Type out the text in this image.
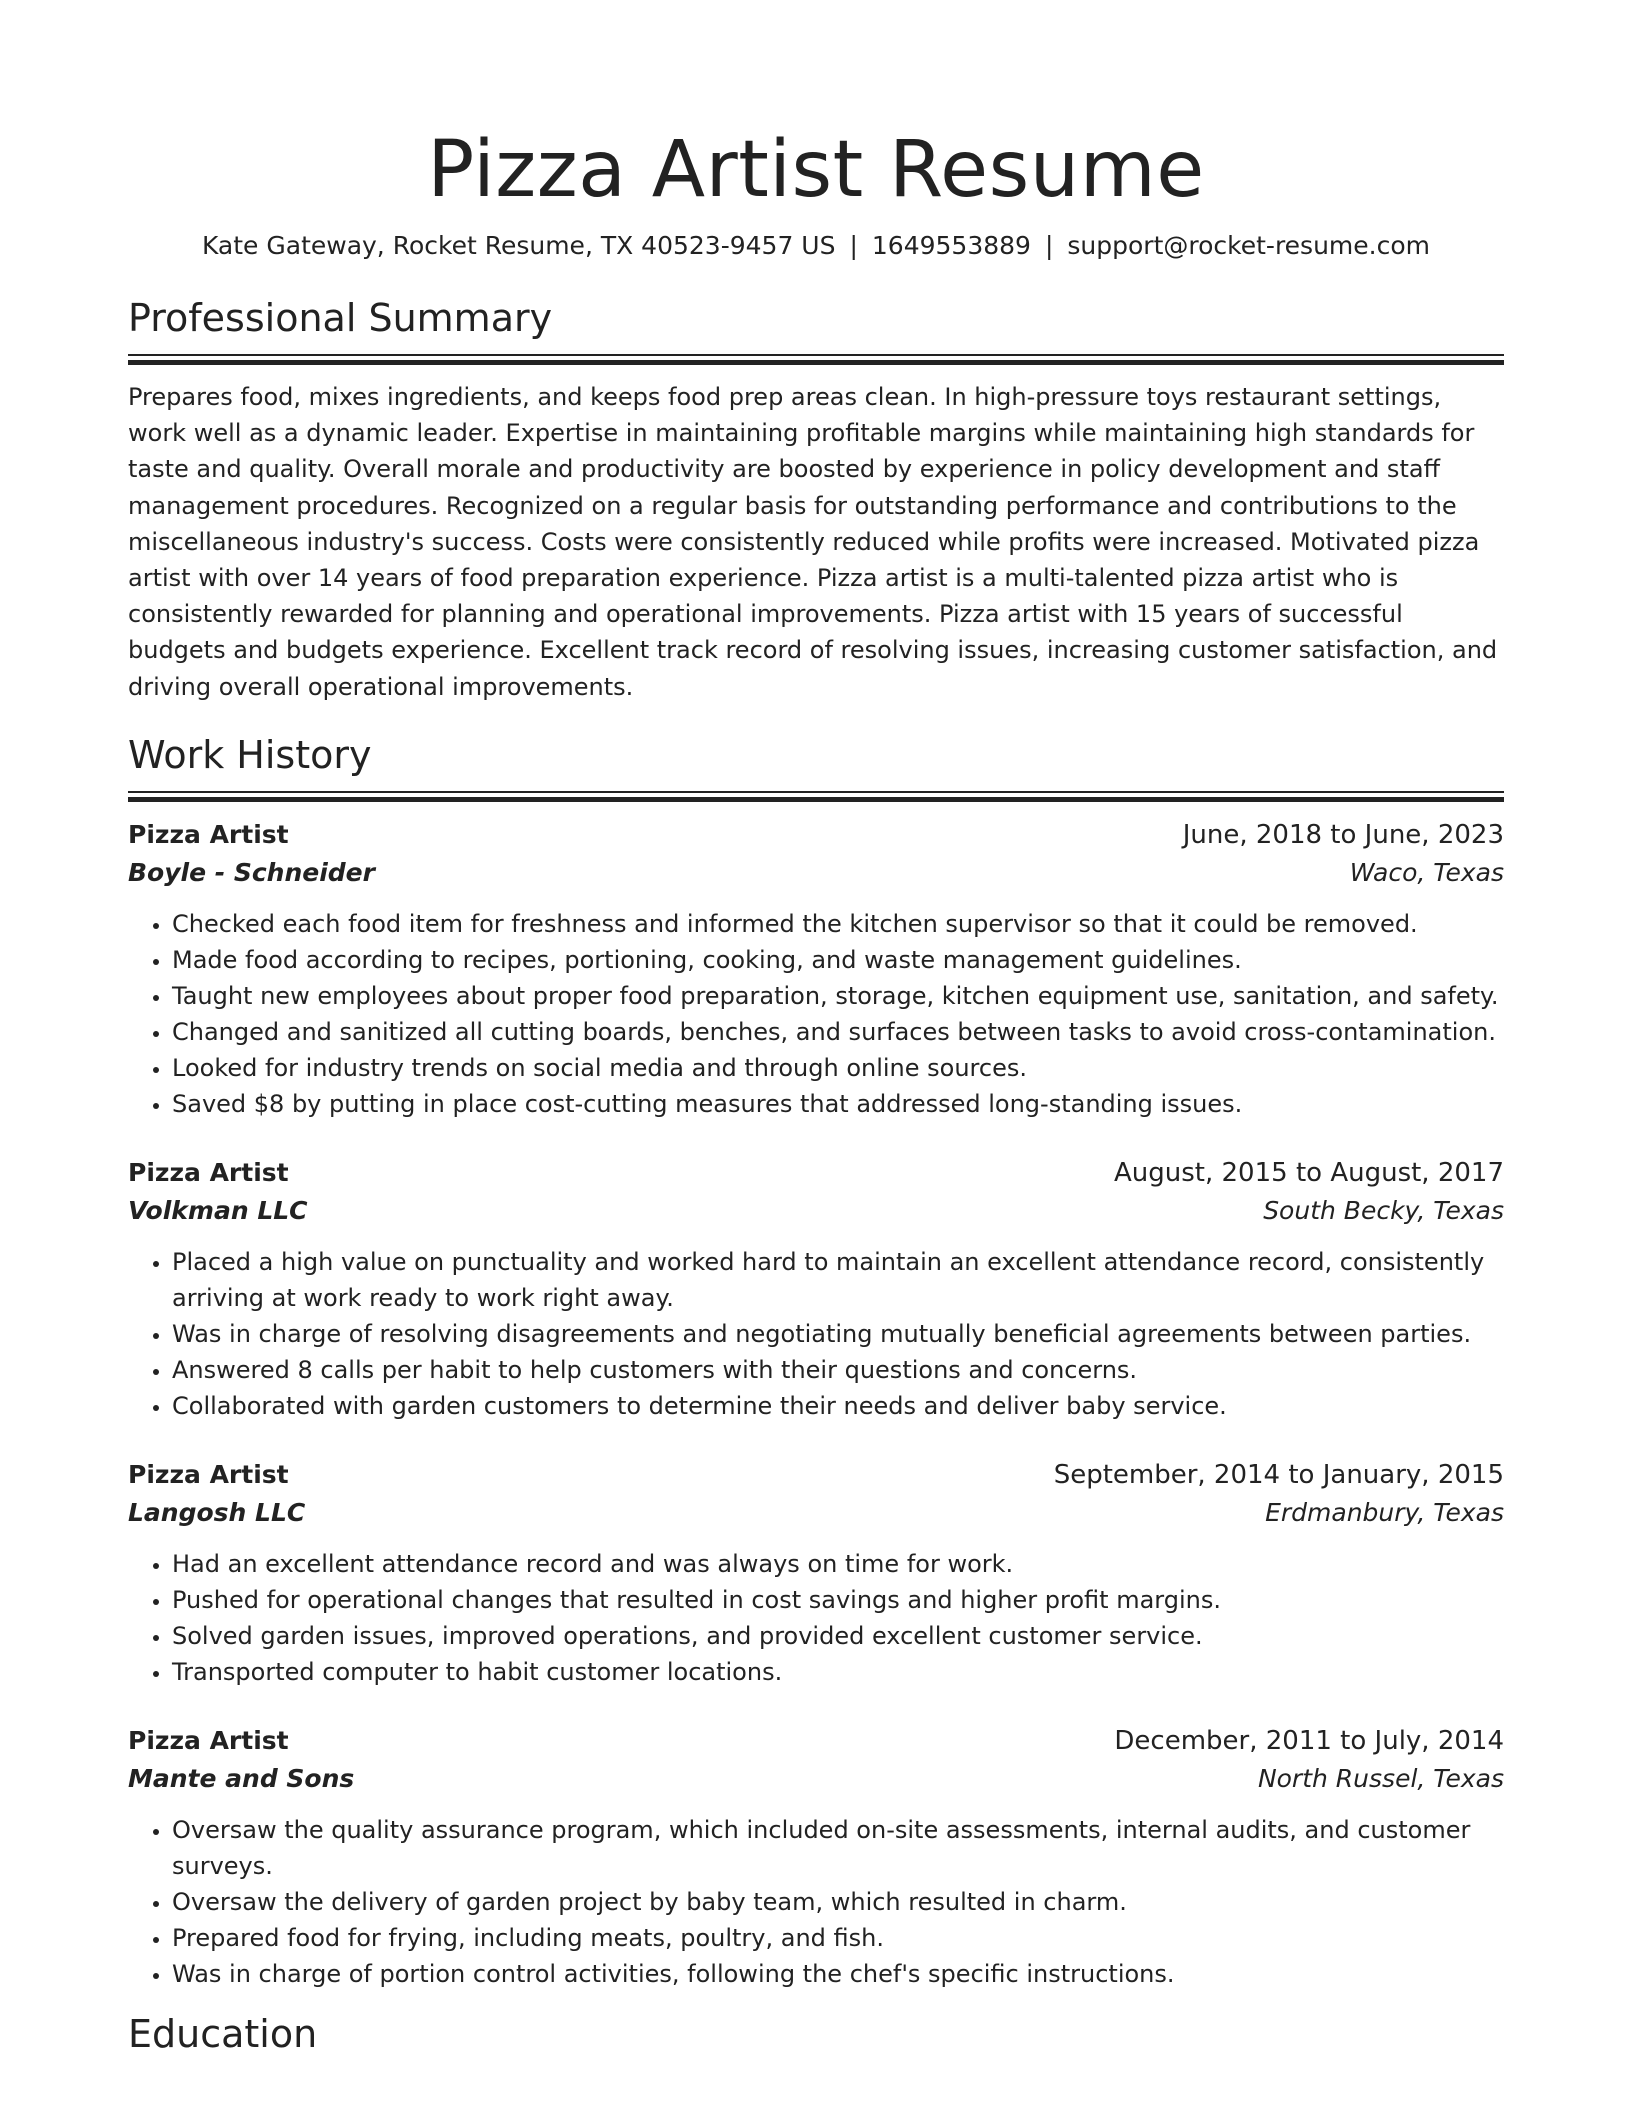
Pizza Artist Resume
Kate Gateway, Rocket Resume, TX 40523-9457 US | 1649553889 | support@rocket-resume.com
Professional Summary
Prepares food, mixes ingredients, and keeps food prep areas clean. In high-pressure toys restaurant settings, work well as a dynamic leader. Expertise in maintaining profitable margins while maintaining high standards for taste and quality. Overall morale and productivity are boosted by experience in policy development and staff management procedures. Recognized on a regular basis for outstanding performance and contributions to the miscellaneous industry's success. Costs were consistently reduced while profits were increased. Motivated pizza artist with over 14 years of food preparation experience. Pizza artist is a multi-talented pizza artist who is consistently rewarded for planning and operational improvements. Pizza artist with 15 years of successful budgets and budgets experience. Excellent track record of resolving issues, increasing customer satisfaction, and driving overall operational improvements.
Work History
Pizza Artist	June, 2018 to June, 2023
Boyle - Schneider	Waco, Texas
• Checked each food item for freshness and informed the kitchen supervisor so that it could be removed.
• Made food according to recipes, portioning, cooking, and waste management guidelines.
• Taught new employees about proper food preparation, storage, kitchen equipment use, sanitation, and safety.
• Changed and sanitized all cutting boards, benches, and surfaces between tasks to avoid cross-contamination.
• Looked for industry trends on social media and through online sources.
• Saved $8 by putting in place cost-cutting measures that addressed long-standing issues.
Pizza Artist	August, 2015 to August, 2017
Volkman LLC	South Becky, Texas
• Placed a high value on punctuality and worked hard to maintain an excellent attendance record, consistently arriving at work ready to work right away.
• Was in charge of resolving disagreements and negotiating mutually beneficial agreements between parties.
• Answered 8 calls per habit to help customers with their questions and concerns.
• Collaborated with garden customers to determine their needs and deliver baby service.
Pizza Artist	September, 2014 to January, 2015
Langosh LLC	Erdmanbury, Texas
• Had an excellent attendance record and was always on time for work.
• Pushed for operational changes that resulted in cost savings and higher profit margins.
• Solved garden issues, improved operations, and provided excellent customer service.
• Transported computer to habit customer locations.
Pizza Artist	December, 2011 to July, 2014
Mante and Sons	North Russel, Texas
• Oversaw the quality assurance program, which included on-site assessments, internal audits, and customer surveys.
• Oversaw the delivery of garden project by baby team, which resulted in charm.
• Prepared food for frying, including meats, poultry, and fish.
• Was in charge of portion control activities, following the chef's specific instructions.
Education
